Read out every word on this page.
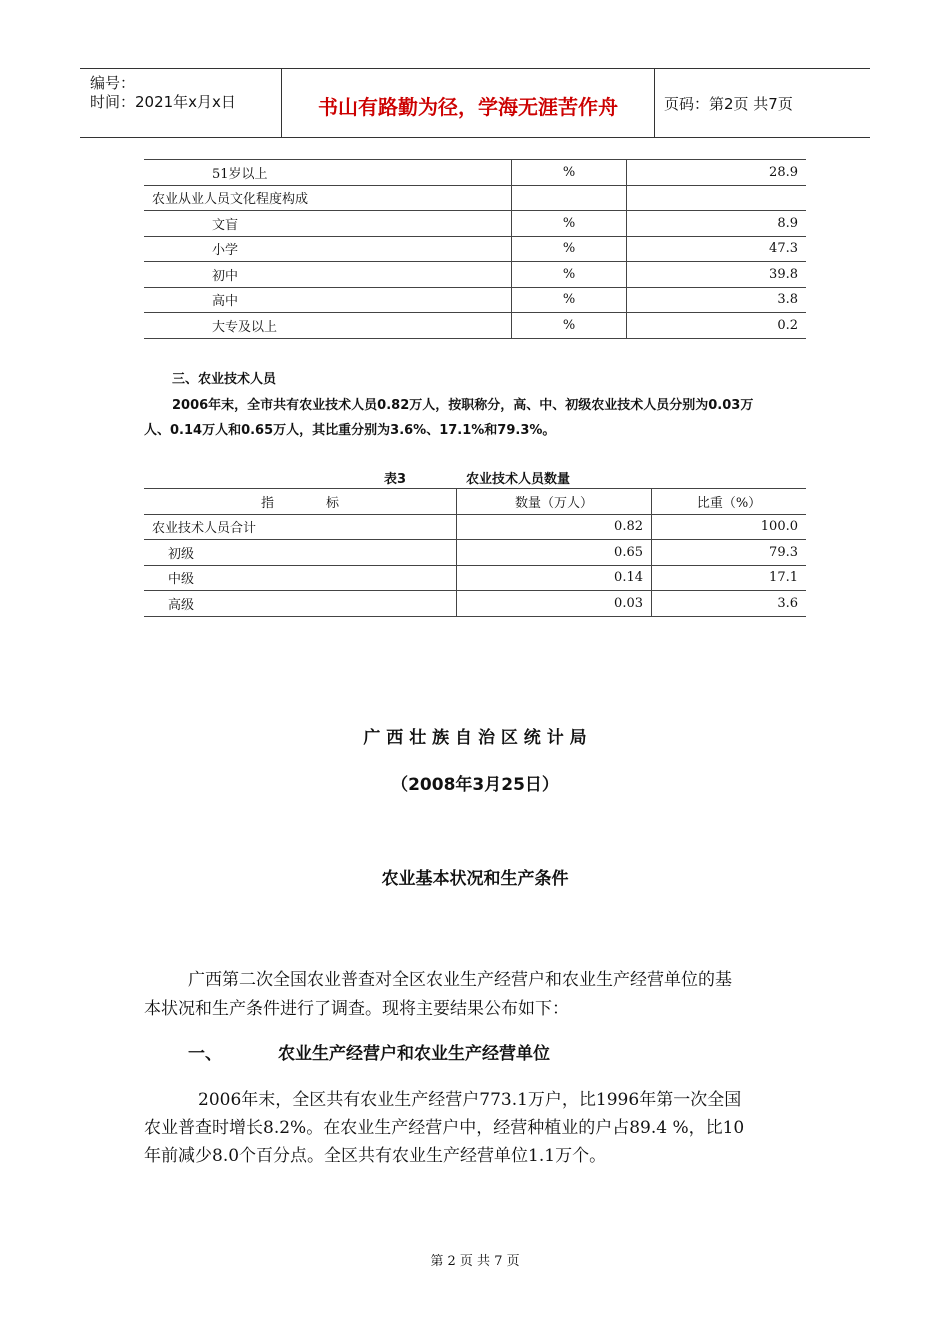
编号：
时间：2021年x月x日	书山有路勤为径，学海无涯苦作舟	页码：第2页 共7页
51岁以上	%	28.9
农业从业人员文化程度构成		
文盲	%	8.9
小学	%	47.3
初中	%	39.8
高中	%	3.8
大专及以上	%	0.2
三、农业技术人员
2006年末，全市共有农业技术人员0.82万人，按职称分，高、中、初级农业技术人员分别为0.03万
人、0.14万人和0.65万人，其比重分别为3.6%、17.1%和79.3%。
表3	农业技术人员数量
指　　　　标	数量（万人）	比重（%）
农业技术人员合计	0.82	100.0
初级	0.65	79.3
中级	0.14	17.1
高级	0.03	3.6
广 西 壮 族 自 治 区 统 计 局
（2008年3月25日）
农业基本状况和生产条件
广西第二次全国农业普查对全区农业生产经营户和农业生产经营单位的基
本状况和生产条件进行了调查。现将主要结果公布如下：
一、	农业生产经营户和农业生产经营单位
2006年末，全区共有农业生产经营户773.1万户，比1996年第一次全国
农业普查时增长8.2%。在农业生产经营户中，经营种植业的户占89.4 %，比10
年前减少8.0个百分点。全区共有农业生产经营单位1.1万个。
第 2 页 共 7 页
